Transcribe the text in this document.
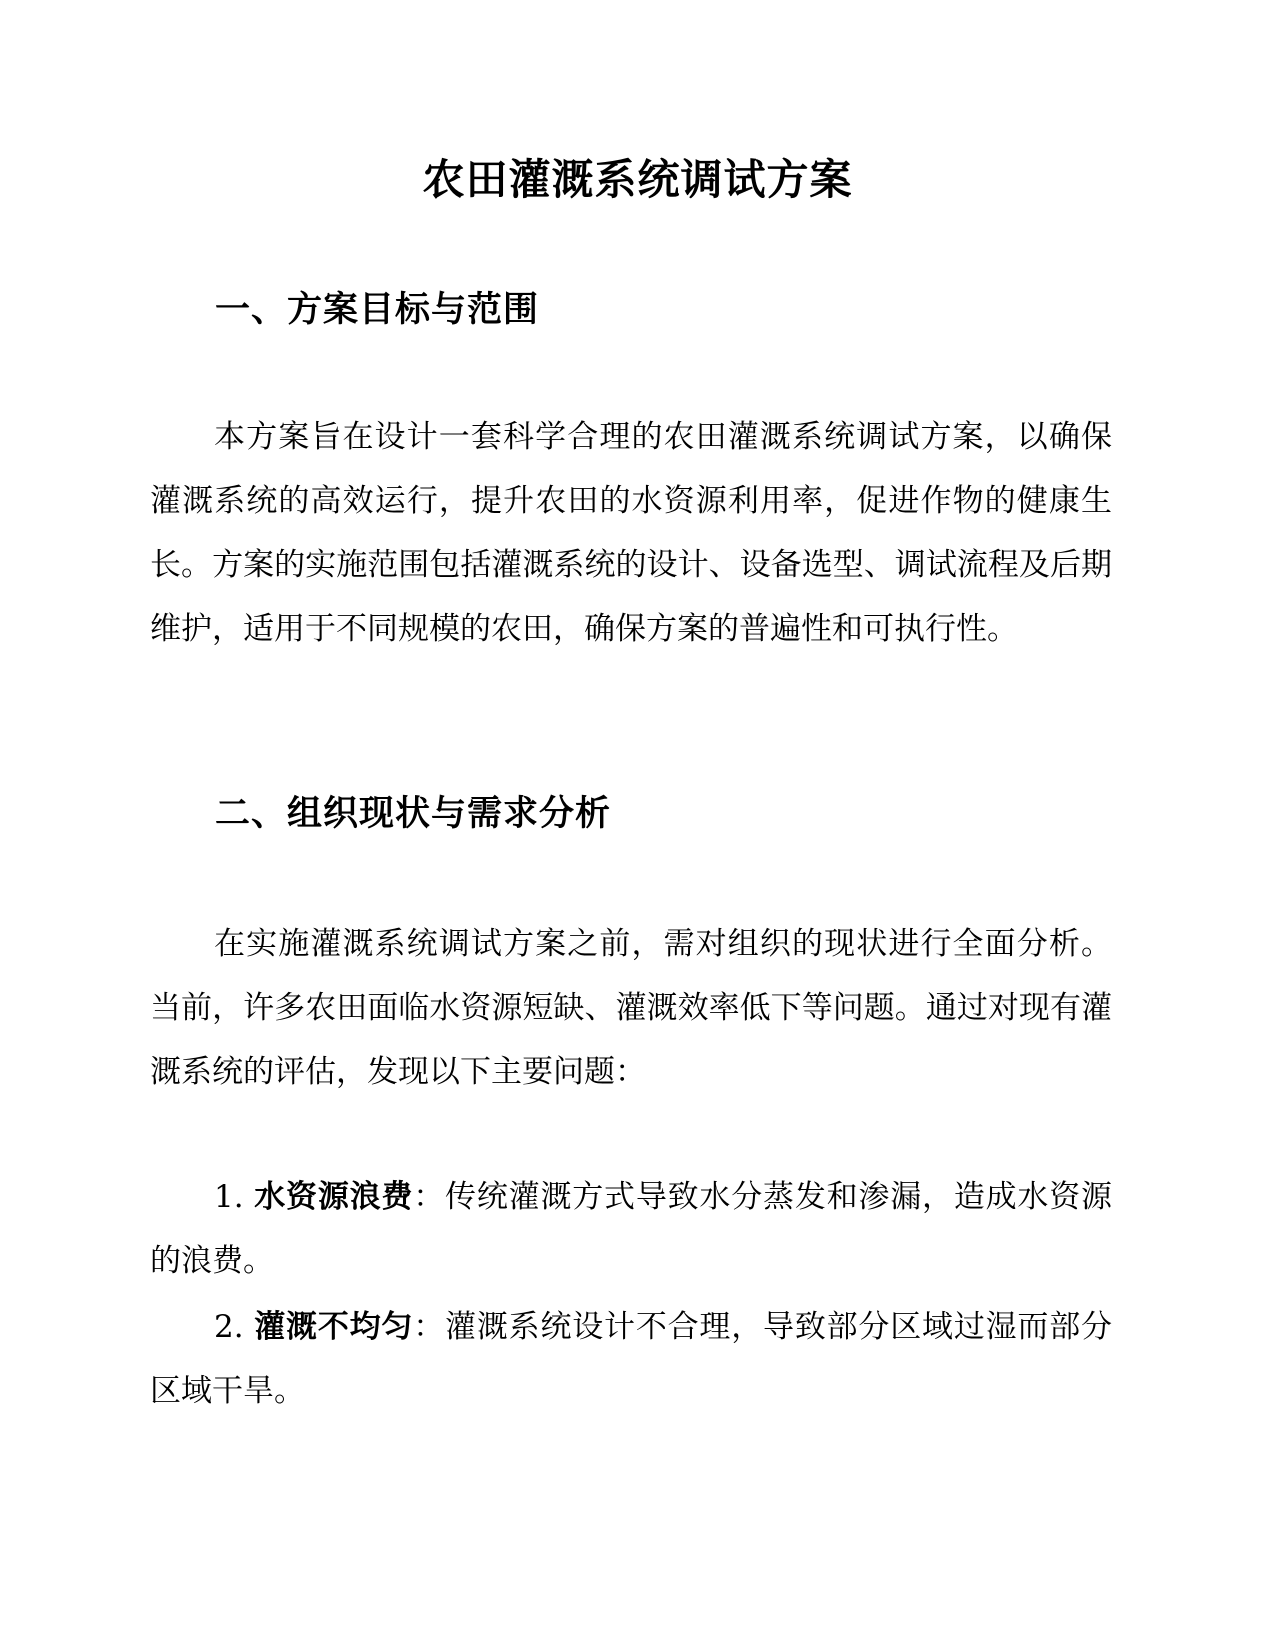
农田灌溉系统调试方案
一、方案目标与范围

本方案旨在设计一套科学合理的农田灌溉系统调试方案，以确保灌溉系统的高效运行，提升农田的水资源利用率，促进作物的健康生长。方案的实施范围包括灌溉系统的设计、设备选型、调试流程及后期维护，适用于不同规模的农田，确保方案的普遍性和可执行性。

二、组织现状与需求分析

在实施灌溉系统调试方案之前，需对组织的现状进行全面分析。当前，许多农田面临水资源短缺、灌溉效率低下等问题。通过对现有灌溉系统的评估，发现以下主要问题：

1. 水资源浪费：传统灌溉方式导致水分蒸发和渗漏，造成水资源的浪费。

2. 灌溉不均匀：灌溉系统设计不合理，导致部分区域过湿而部分区域干旱。
